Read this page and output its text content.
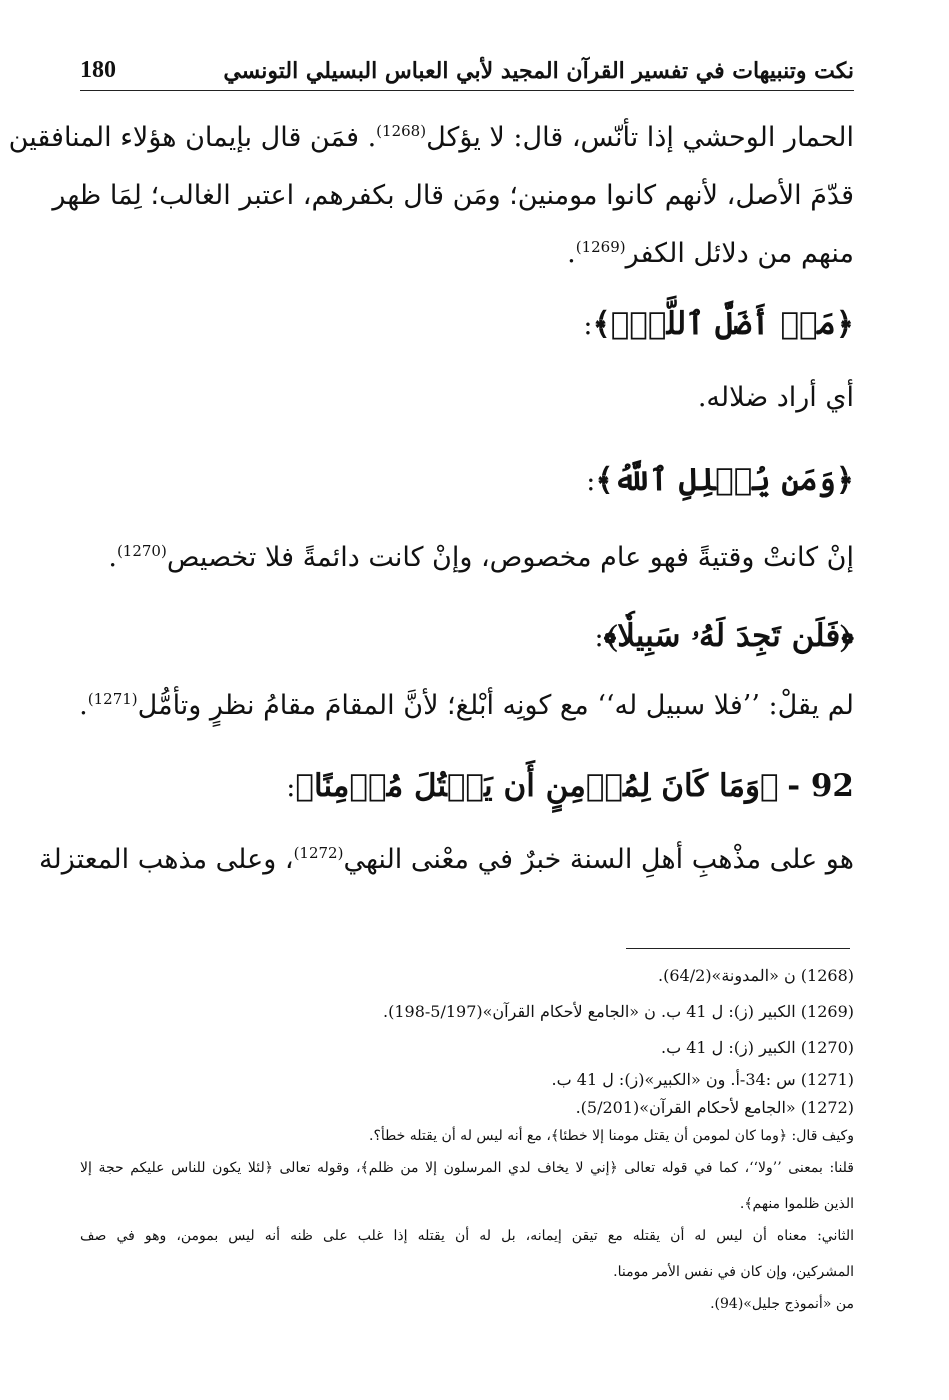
180	نكت وتنبيهات في تفسير القرآن المجيد لأبي العباس البسيلي التونسي
الحمار الوحشي إذا تأنّس، قال: لا يؤكل$^{(1268)}$. فمَن قال بإيمان هؤلاء المنافقين
قدّمَ الأصل، لأنهم كانوا مومنين؛ ومَن قال بكفرهم، اعتبر الغالب؛ لِمَا ظهر
منهم من دلائل الكفر$^{(1269)}$.
﴿مَنۡ أَضَلَّ ٱللَّهُۖ﴾:
أي أراد ضلاله.
﴿وَمَن يُضۡلِلِ ٱللَّهُ﴾:
إنْ كانتْ وقتيةً فهو عام مخصوص، وإنْ كانت دائمةً فلا تخصيص$^{(1270)}$.
﴿فَلَن تَجِدَ لَهُۥ سَبِيلٗا﴾:
لم يقلْ: ’’فلا سبيل له‘‘ مع كونِه أبْلغ؛ لأنَّ المقامَ مقامُ نظرٍ وتأمُّل$^{(1271)}$.
92 - ﴿وَمَا كَانَ لِمُؤۡمِنٍ أَن يَقۡتُلَ مُؤۡمِنًا﴾:
هو على مذْهبِ أهلِ السنة خبرٌ في معْنى النهي$^{(1272)}$، وعلى مذهب المعتزلة
(1268) ن «المدونة»(64/2).
(1269) الكبير (ز): ل 41 ب. ن «الجامع لأحكام القرآن»(5/197-198).
(1270) الكبير (ز): ل 41 ب.
(1271) س :34-أ. ون «الكبير»(ز): ل 41 ب.
(1272) «الجامع لأحكام القرآن»(5/201).
وكيف قال: ﴿وما كان لمومن أن يقتل مومنا إلا خطئا﴾، مع أنه ليس له أن يقتله خطأ؟.
قلنا: بمعنى ’’ولا‘‘، كما في قوله تعالى ﴿إني لا يخاف لدي المرسلون إلا من ظلم﴾، وقوله تعالى ﴿لئلا يكون للناس عليكم حجة إلا
الذين ظلموا منهم﴾.
الثاني: معناه أن ليس له أن يقتله مع تيقن إيمانه، بل له أن يقتله إذا غلب على ظنه أنه ليس بمومن، وهو في صف
المشركين، وإن كان في نفس الأمر مومنا.
من «أنموذج جليل»(94).
